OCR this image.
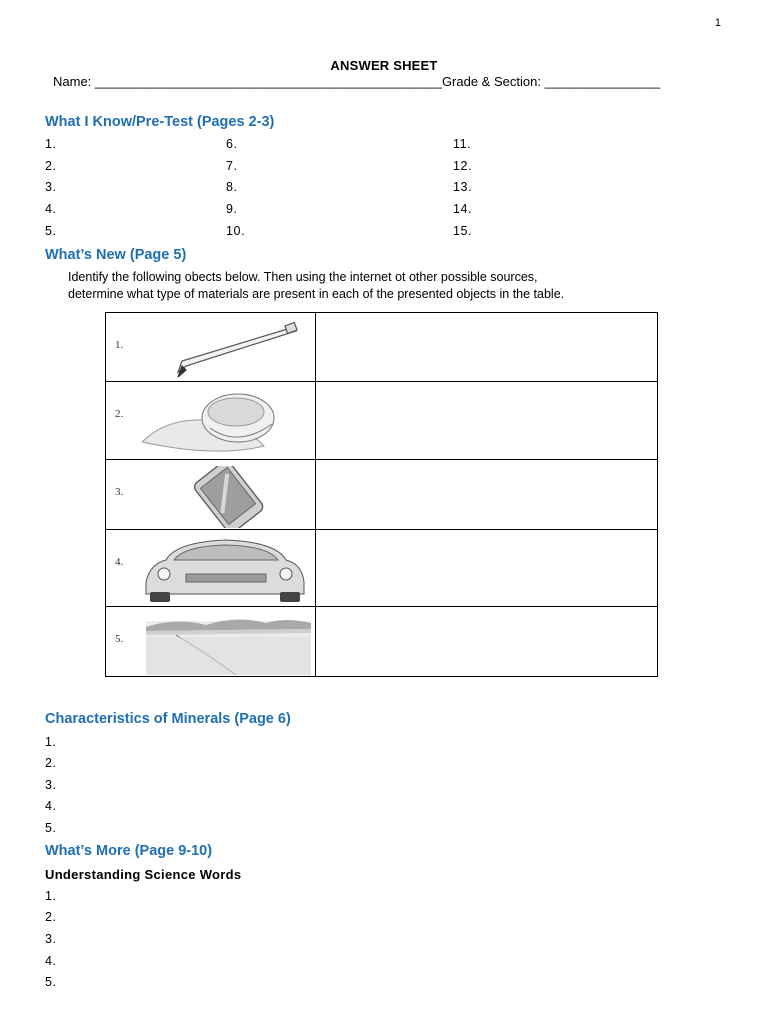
1
ANSWER SHEET
Name: ________________________________________________Grade & Section: ________________
What I Know/Pre-Test (Pages 2-3)
1.
2.
3.
4.
5.
6.
7.
8.
9.
10.
11.
12.
13.
14.
15.
What’s New (Page 5)
Identify the following obects below. Then using the internet ot other possible sources,
determine what type of materials are present in each of the presented objects in the table.
1.	

2.	

3.	

4.	

5.	

Characteristics of Minerals (Page 6)
1.
2.
3.
4.
5.
What’s More (Page 9-10)
Understanding Science Words
1.
2.
3.
4.
5.
